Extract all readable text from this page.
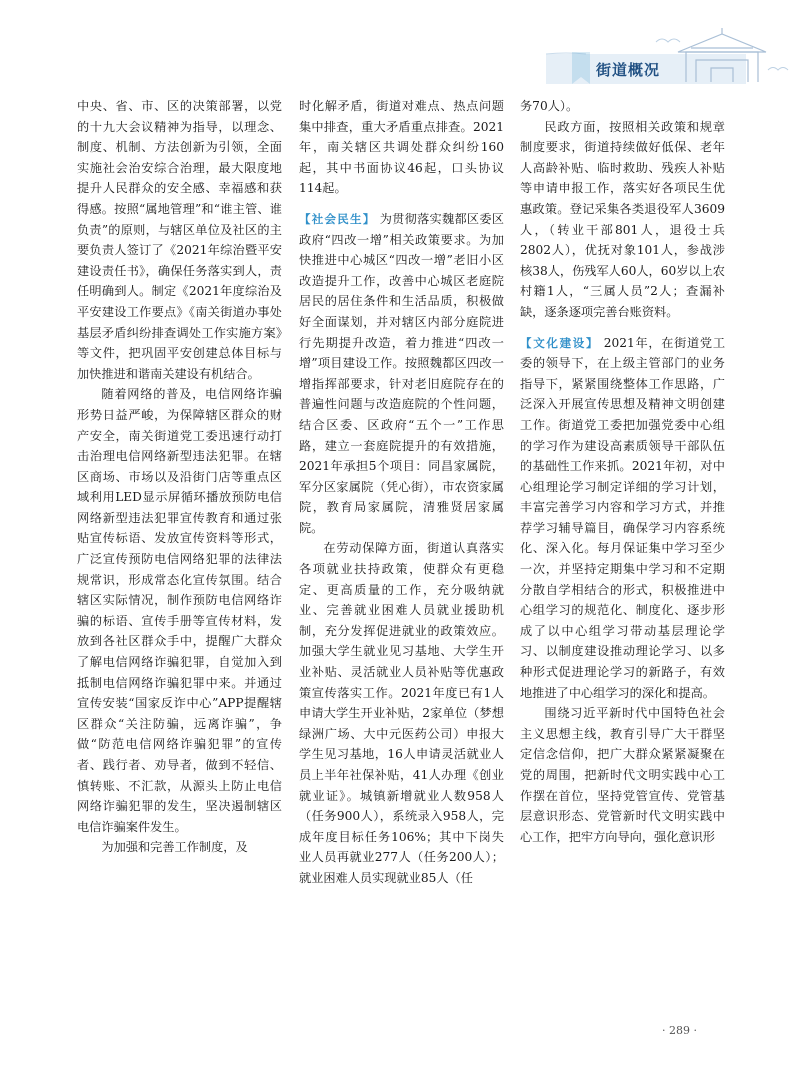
街道概况

中央、省、市、区的决策部署，以党的十九大会议精神为指导，以理念、制度、机制、方法创新为引领，全面实施社会治安综合治理，最大限度地提升人民群众的安全感、幸福感和获得感。按照“属地管理”和“谁主管、谁负责”的原则，与辖区单位及社区的主要负责人签订了《2021年综治暨平安建设责任书》，确保任务落实到人，责任明确到人。制定《2021年度综治及平安建设工作要点》《南关街道办事处基层矛盾纠纷排查调处工作实施方案》等文件，把巩固平安创建总体目标与加快推进和谐南关建设有机结合。

随着网络的普及，电信网络诈骗形势日益严峻，为保障辖区群众的财产安全，南关街道党工委迅速行动打击治理电信网络新型违法犯罪。在辖区商场、市场以及沿街门店等重点区域利用LED显示屏循环播放预防电信网络新型违法犯罪宣传教育和通过张贴宣传标语、发放宣传资料等形式，广泛宣传预防电信网络犯罪的法律法规常识，形成常态化宣传氛围。结合辖区实际情况，制作预防电信网络诈骗的标语、宣传手册等宣传材料，发放到各社区群众手中，提醒广大群众了解电信网络诈骗犯罪，自觉加入到抵制电信网络诈骗犯罪中来。并通过宣传安装“国家反诈中心”APP提醒辖区群众“关注防骗，远离诈骗”，争做“防范电信网络诈骗犯罪”的宣传者、践行者、劝导者，做到不轻信、慎转账、不汇款，从源头上防止电信网络诈骗犯罪的发生，坚决遏制辖区电信诈骗案件发生。

为加强和完善工作制度，及

时化解矛盾，街道对难点、热点问题集中排查，重大矛盾重点排查。2021年，南关辖区共调处群众纠纷160起，其中书面协议46起，口头协议114起。

【社会民生】 为贯彻落实魏都区委区政府“四改一增”相关政策要求。为加快推进中心城区“四改一增”老旧小区改造提升工作，改善中心城区老庭院居民的居住条件和生活品质，积极做好全面谋划，并对辖区内部分庭院进行先期提升改造，着力推进“四改一增”项目建设工作。按照魏都区四改一增指挥部要求，针对老旧庭院存在的普遍性问题与改造庭院的个性问题，结合区委、区政府“五个一”工作思路，建立一套庭院提升的有效措施，2021年承担5个项目：同昌家属院，军分区家属院（凭心街），市农资家属院，教育局家属院，清雅贤居家属院。

在劳动保障方面，街道认真落实各项就业扶持政策，使群众有更稳定、更高质量的工作，充分吸纳就业、完善就业困难人员就业援助机制，充分发挥促进就业的政策效应。加强大学生就业见习基地、大学生开业补贴、灵活就业人员补贴等优惠政策宣传落实工作。2021年度已有1人申请大学生开业补贴，2家单位（梦想绿洲广场、大中元医药公司）申报大学生见习基地，16人申请灵活就业人员上半年社保补贴，41人办理《创业就业证》。城镇新增就业人数958人（任务900人），系统录入958人，完成年度目标任务106%；其中下岗失业人员再就业277人（任务200人）；就业困难人员实现就业85人（任

务70人）。

民政方面，按照相关政策和规章制度要求，街道持续做好低保、老年人高龄补贴、临时救助、残疾人补贴等申请申报工作，落实好各项民生优惠政策。登记采集各类退役军人3609人，（转业干部801人，退役士兵2802人），优抚对象101人，参战涉核38人，伤残军人60人，60岁以上农村籍1人，“三属人员”2人；查漏补缺，逐条逐项完善台账资料。

【文化建设】 2021年，在街道党工委的领导下，在上级主管部门的业务指导下，紧紧围绕整体工作思路，广泛深入开展宣传思想及精神文明创建工作。街道党工委把加强党委中心组的学习作为建设高素质领导干部队伍的基础性工作来抓。2021年初，对中心组理论学习制定详细的学习计划，丰富完善学习内容和学习方式，并推荐学习辅导篇目，确保学习内容系统化、深入化。每月保证集中学习至少一次，并坚持定期集中学习和不定期分散自学相结合的形式，积极推进中心组学习的规范化、制度化、逐步形成了以中心组学习带动基层理论学习、以制度建设推动理论学习、以多种形式促进理论学习的新路子，有效地推进了中心组学习的深化和提高。

围绕习近平新时代中国特色社会主义思想主线，教育引导广大干群坚定信念信仰，把广大群众紧紧凝聚在党的周围，把新时代文明实践中心工作摆在首位，坚持党管宣传、党管基层意识形态、党管新时代文明实践中心工作，把牢方向导向，强化意识形

· 289 ·
